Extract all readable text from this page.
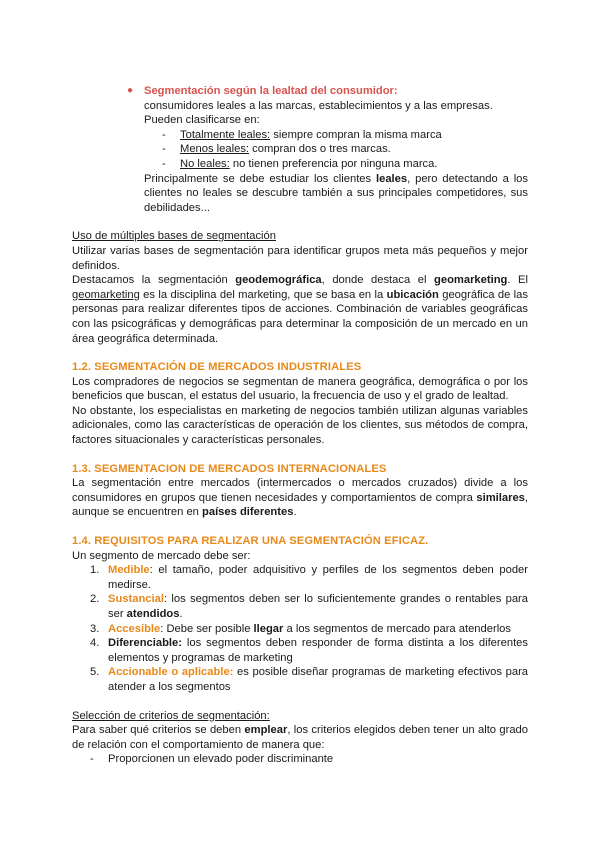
● Segmentación según la lealtad del consumidor:

consumidores leales a las marcas, establecimientos y a las empresas.

Pueden clasificarse en:

- Totalmente leales: siempre compran la misma marca
- Menos leales: compran dos o tres marcas.
- No leales: no tienen preferencia por ninguna marca.

Principalmente se debe estudiar los clientes leales, pero detectando a los clientes no leales se descubre también a sus principales competidores, sus debilidades...

Uso de múltiples bases de segmentación

Utilizar varias bases de segmentación para identificar grupos meta más pequeños y mejor definidos.

Destacamos la segmentación geodemográfica, donde destaca el geomarketing. El geomarketing es la disciplina del marketing, que se basa en la ubicación geográfica de las personas para realizar diferentes tipos de acciones. Combinación de variables geográficas con las psicográficas y demográficas para determinar la composición de un mercado en un área geográfica determinada.

1.2. SEGMENTACIÓN DE MERCADOS INDUSTRIALES

Los compradores de negocios se segmentan de manera geográfica, demográfica o por los beneficios que buscan, el estatus del usuario, la frecuencia de uso y el grado de lealtad.

No obstante, los especialistas en marketing de negocios también utilizan algunas variables adicionales, como las características de operación de los clientes, sus métodos de compra, factores situacionales y características personales.

1.3. SEGMENTACION DE MERCADOS INTERNACIONALES

La segmentación entre mercados (intermercados o mercados cruzados) divide a los consumidores en grupos que tienen necesidades y comportamientos de compra similares, aunque se encuentren en países diferentes.

1.4. REQUISITOS PARA REALIZAR UNA SEGMENTACIÓN EFICAZ.

Un segmento de mercado debe ser:

1. Medible: el tamaño, poder adquisitivo y perfiles de los segmentos deben poder medirse.
2. Sustancial: los segmentos deben ser lo suficientemente grandes o rentables para ser atendidos.
3. Accesible: Debe ser posible llegar a los segmentos de mercado para atenderlos
4. Diferenciable: los segmentos deben responder de forma distinta a los diferentes elementos y programas de marketing
5. Accionable o aplicable: es posible diseñar programas de marketing efectivos para atender a los segmentos

Selección de criterios de segmentación:

Para saber qué criterios se deben emplear, los criterios elegidos deben tener un alto grado de relación con el comportamiento de manera que:

- Proporcionen un elevado poder discriminante
